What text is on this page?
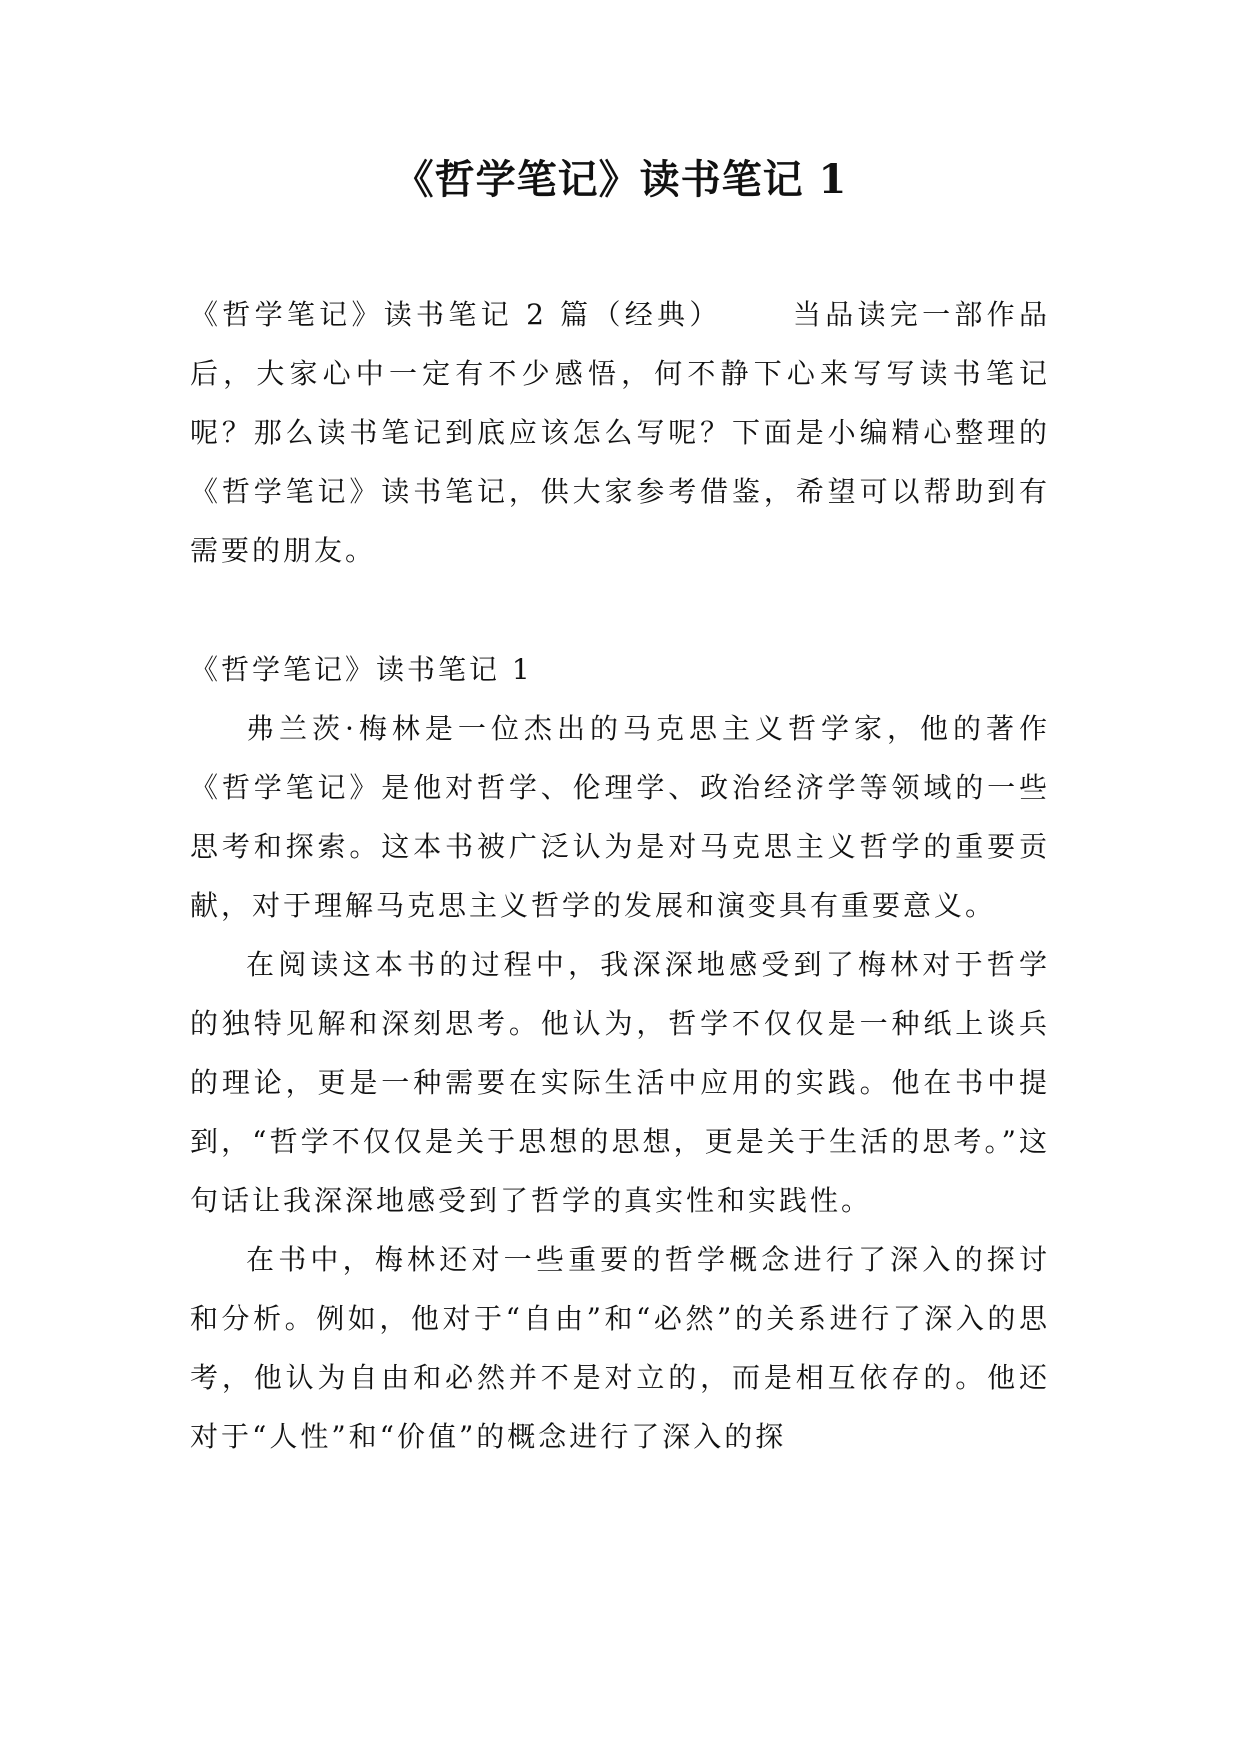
《哲学笔记》读书笔记 1

《哲学笔记》读书笔记 2 篇（经典）	当品读完一部作品后，大家心中一定有不少感悟，何不静下心来写写读书笔记呢？那么读书笔记到底应该怎么写呢？下面是小编精心整理的《哲学笔记》读书笔记，供大家参考借鉴，希望可以帮助到有需要的朋友。

《哲学笔记》读书笔记 1

弗兰茨·梅林是一位杰出的马克思主义哲学家，他的著作《哲学笔记》是他对哲学、伦理学、政治经济学等领域的一些思考和探索。这本书被广泛认为是对马克思主义哲学的重要贡献，对于理解马克思主义哲学的发展和演变具有重要意义。

在阅读这本书的过程中，我深深地感受到了梅林对于哲学的独特见解和深刻思考。他认为，哲学不仅仅是一种纸上谈兵的理论，更是一种需要在实际生活中应用的实践。他在书中提到，“哲学不仅仅是关于思想的思想，更是关于生活的思考。”这句话让我深深地感受到了哲学的真实性和实践性。

在书中，梅林还对一些重要的哲学概念进行了深入的探讨和分析。例如，他对于“自由”和“必然”的关系进行了深入的思考，他认为自由和必然并不是对立的，而是相互依存的。他还对于“人性”和“价值”的概念进行了深入的探
